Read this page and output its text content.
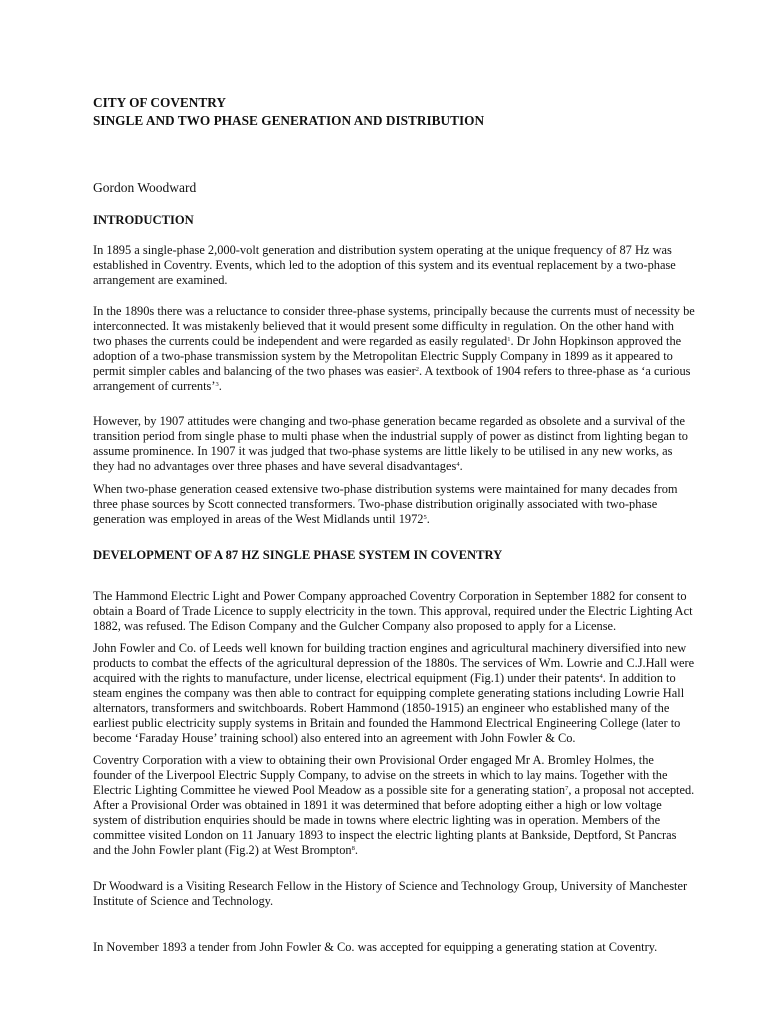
CITY OF COVENTRY
SINGLE AND TWO PHASE GENERATION AND DISTRIBUTION
Gordon Woodward
INTRODUCTION

In 1895 a single-phase 2,000-volt generation and distribution system operating at the unique frequency of 87 Hz was established in Coventry. Events, which led to the adoption of this system and its eventual replacement by a two-phase arrangement are examined.

In the 1890s there was a reluctance to consider three-phase systems, principally because the currents must of necessity be interconnected. It was mistakenly believed that it would present some difficulty in regulation. On the other hand with two phases the currents could be independent and were regarded as easily regulated$^1$. Dr John Hopkinson approved the adoption of a two-phase transmission system by the Metropolitan Electric Supply Company in 1899 as it appeared to permit simpler cables and balancing of the two phases was easier$^2$. A textbook of 1904 refers to three-phase as ‘a curious arrangement of currents’$^3$.

However, by 1907 attitudes were changing and two-phase generation became regarded as obsolete and a survival of the transition period from single phase to multi phase when the industrial supply of power as distinct from lighting began to assume prominence. In 1907 it was judged that two-phase systems are little likely to be utilised in any new works, as they had no advantages over three phases and have several disadvantages$^4$.

When two-phase generation ceased extensive two-phase distribution systems were maintained for many decades from three phase sources by Scott connected transformers. Two-phase distribution originally associated with two-phase generation was employed in areas of the West Midlands until 1972$^5$.

DEVELOPMENT OF A 87 HZ SINGLE PHASE SYSTEM IN COVENTRY

The Hammond Electric Light and Power Company approached Coventry Corporation in September 1882 for consent to obtain a Board of Trade Licence to supply electricity in the town. This approval, required under the Electric Lighting Act 1882, was refused. The Edison Company and the Gulcher Company also proposed to apply for a License.

John Fowler and Co. of Leeds well known for building traction engines and agricultural machinery diversified into new products to combat the effects of the agricultural depression of the 1880s. The services of Wm. Lowrie and C.J.Hall were acquired with the rights to manufacture, under license, electrical equipment (Fig.1) under their patents$^4$. In addition to steam engines the company was then able to contract for equipping complete generating stations including Lowrie Hall alternators, transformers and switchboards. Robert Hammond (1850-1915) an engineer who established many of the earliest public electricity supply systems in Britain and founded the Hammond Electrical Engineering College (later to become ‘Faraday House’ training school) also entered into an agreement with John Fowler & Co.

Coventry Corporation with a view to obtaining their own Provisional Order engaged Mr A. Bromley Holmes, the founder of the Liverpool Electric Supply Company, to advise on the streets in which to lay mains. Together with the Electric Lighting Committee he viewed Pool Meadow as a possible site for a generating station$^7$, a proposal not accepted. After a Provisional Order was obtained in 1891 it was determined that before adopting either a high or low voltage system of distribution enquiries should be made in towns where electric lighting was in operation. Members of the committee visited London on 11 January 1893 to inspect the electric lighting plants at Bankside, Deptford, St Pancras and the John Fowler plant (Fig.2) at West Brompton$^8$.

Dr Woodward is a Visiting Research Fellow in the History of Science and Technology Group, University of Manchester Institute of Science and Technology.

In November 1893 a tender from John Fowler & Co. was accepted for equipping a generating station at Coventry.
